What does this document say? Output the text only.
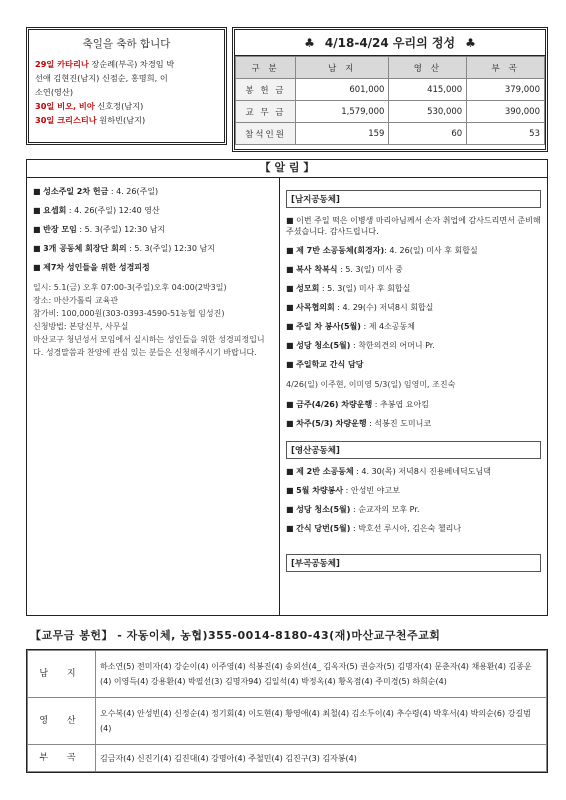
축일을 축하 합니다
29일 카타리나 장순례(부곡) 차경임 박
선애 김현진(남지) 신점순, 홍명희, 이
소연(영산)
30일 비오, 비아 신호정(남지)
30일 크리스티나 원하빈(남지)
♣ 4/18-4/24 우리의 정성 ♣
구 분	남 지	영 산	부 곡
봉 헌 금	601,000	415,000	379,000
교 무 금	1,579,000	530,000	390,000
참석인원	159	60	53
【 알 림 】
■ 성소주일 2차 헌금 : 4. 26(주일)
■ 요셉회 : 4. 26(주일) 12:40 영산
■ 반장 모임 : 5. 3(주일) 12:30 남지
■ 3개 공동체 회장단 회의 : 5. 3(주일) 12:30 남지
■ 제7차 성인들을 위한 성경피정
일시: 5.1(금) 오후 07:00-3(주일)오후 04:00(2박3일)
장소: 마산가톨릭 교육관
참가비: 100,000원(303-0393-4590-51농협 임성진)
신청방법: 본당신부, 사무실
마산교구 청년성서 모임에서 실시하는 성인들을 위한 성경피정입니다. 성경말씀과 찬양에 관심 있는 분들은 신청해주시기 바랍니다.
[남지공동체]
■ 이번 주일 떡은 이병생 마리아님께서 손자 취업에 감사드리면서 준비해 주셨습니다. 감사드립니다.
■ 제 7반 소공동체(회경자): 4. 26(일) 미사 후 회합실
■ 복사 착복식 : 5. 3(일) 미사 중
■ 성모회 : 5. 3(일) 미사 후 회합실
■ 사목협의회 : 4. 29(수) 저녁8시 회합실
■ 주일 차 봉사(5월) : 제 4소공동체
■ 성당 청소(5월) : 착한의견의 어머니 Pr.
■ 주일학교 간식 담당
4/26(일) 이주현, 이미영 5/3(일) 임영미, 조진숙
■ 금주(4/26) 차량운행 : 추봉엽 요아킴
■ 차주(5/3) 차량운행 : 석봉진 도미니코
[영산공동체]
■ 제 2반 소공동체 : 4. 30(목) 저녁8시 진용베네딕도님댁
■ 5월 차량봉사 : 안성빈 야고보
■ 성당 청소(5월) : 순교자의 모후 Pr.
■ 간식 당번(5월) : 박호선 루시아, 김은숙 첼리나
[부곡공동체]
【교무금 봉헌】 - 자동이체, 농협)355-0014-8180-43(재)마산교구천주교회
남 지	하소연(5) 전미자(4) 강순이(4) 이주영(4) 석봉진(4) 송외선(4_ 김옥자(5) 권승자(5) 김명자(4) 문춘자(4) 채용환(4) 김종운(4) 이영득(4) 강용환(4) 박필선(3) 김명자94) 김일석(4) 박정옥(4) 황옥점(4) 주미경(5) 하희순(4)
영 산	오수복(4) 안성빈(4) 신정순(4) 정기회(4) 이도현(4) 황영애(4) 최철(4) 김소두이(4) 추수령(4) 박후서(4) 박의순(6) 강길범(4)
부 곡	김금자(4) 신진기(4) 김진대(4) 강명아(4) 주철민(4) 김진구(3) 김자봉(4)
